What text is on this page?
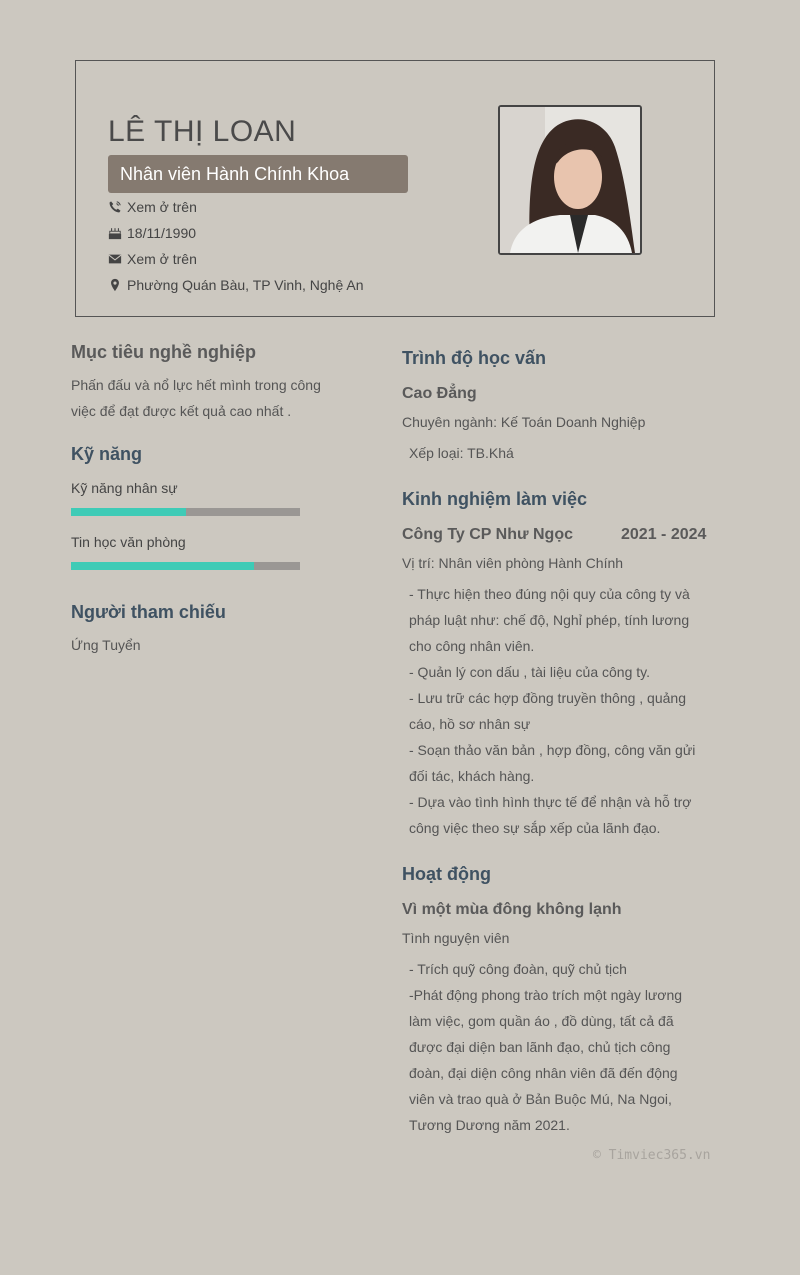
LÊ THỊ LOAN
Nhân viên Hành Chính Khoa
Xem ở trên
18/11/1990
Xem ở trên
Phường Quán Bàu, TP Vinh, Nghệ An
Mục tiêu nghề nghiệp
Phấn đấu và nổ lực hết mình trong công
việc để đạt được kết quả cao nhất .
Kỹ năng
Kỹ năng nhân sự
Tin học văn phòng
Người tham chiếu
Ứng Tuyển
Trình độ học vấn
Cao Đẳng
Chuyên ngành: Kế Toán Doanh Nghiệp
Xếp loại: TB.Khá
Kinh nghiệm làm việc
Công Ty CP Như Ngọc	2021 - 2024
Vị trí: Nhân viên phòng Hành Chính
- Thực hiện theo đúng nội quy của công ty và
pháp luật như: chế độ, Nghỉ phép, tính lương
cho công nhân viên.
- Quản lý con dấu , tài liệu của công ty.
- Lưu trữ các hợp đồng truyền thông , quảng
cáo, hồ sơ nhân sự
- Soạn thảo văn bản , hợp đồng, công văn gửi
đối tác, khách hàng.
- Dựa vào tình hình thực tế để nhận và hỗ trợ
công việc theo sự sắp xếp của lãnh đạo.
Hoạt động
Vì một mùa đông không lạnh
Tình nguyện viên
- Trích quỹ công đoàn, quỹ chủ tịch
-Phát động phong trào trích một ngày lương
làm việc, gom quần áo , đồ dùng, tất cả đã
được đại diện ban lãnh đạo, chủ tịch công
đoàn, đại diện công nhân viên đã đến động
viên và trao quà ở Bản Buộc Mú, Na Ngoi,
Tương Dương năm 2021.
© Timviec365.vn
